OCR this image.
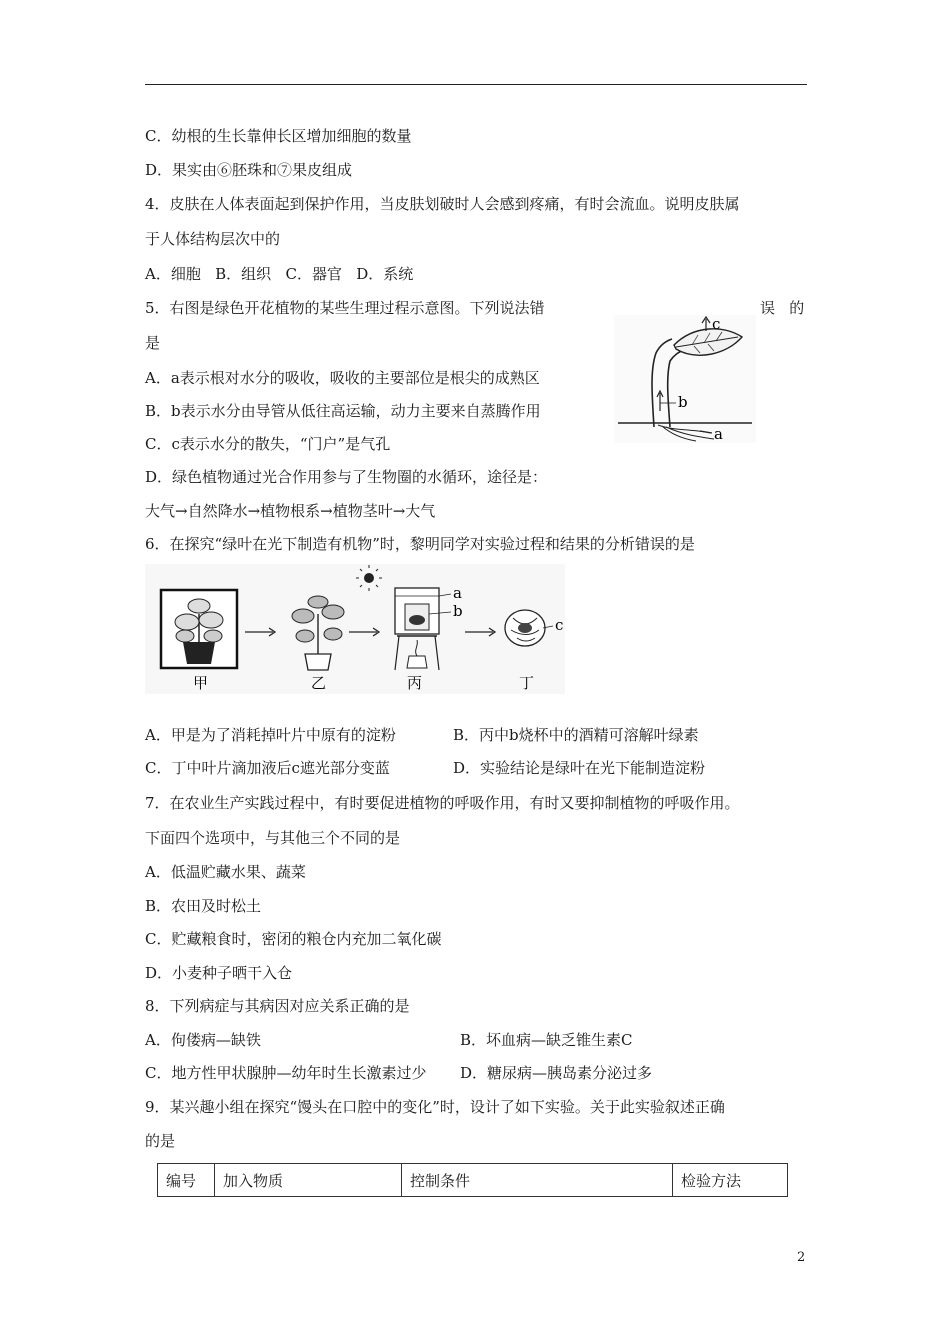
C．幼根的生长靠伸长区增加细胞的数量
D．果实由⑥胚珠和⑦果皮组成
4．皮肤在人体表面起到保护作用，当皮肤划破时人会感到疼痛，有时会流血。说明皮肤属
于人体结构层次中的
A．细胞   B．组织   C．器官   D．系统
5．右图是绿色开花植物的某些生理过程示意图。下列说法错	误   的
是
A．a表示根对水分的吸收，吸收的主要部位是根尖的成熟区
B．b表示水分由导管从低往高运输，动力主要来自蒸腾作用
C．c表示水分的散失，“门户”是气孔
D．绿色植物通过光合作用参与了生物圈的水循环，途径是：
大气→自然降水→植物根系→植物茎叶→大气
c
b
a
6．在探究“绿叶在光下制造有机物”时，黎明同学对实验过程和结果的分析错误的是
甲	乙
a
b
丙
c
丁
A．甲是为了消耗掉叶片中原有的淀粉	B．丙中b烧杯中的酒精可溶解叶绿素
C．丁中叶片滴加液后c遮光部分变蓝	D．实验结论是绿叶在光下能制造淀粉
7．在农业生产实践过程中，有时要促进植物的呼吸作用，有时又要抑制植物的呼吸作用。
下面四个选项中，与其他三个不同的是
A．低温贮藏水果、蔬菜
B．农田及时松土
C．贮藏粮食时，密闭的粮仓内充加二氧化碳
D．小麦种子晒干入仓
8．下列病症与其病因对应关系正确的是
A．佝偻病—缺铁	B．坏血病—缺乏锥生素C
C．地方性甲状腺肿—幼年时生长激素过少 D．糖尿病—胰岛素分泌过多
9．某兴趣小组在探究“馒头在口腔中的变化”时，设计了如下实验。关于此实验叙述正确
的是
编号	加入物质	控制条件	检验方法
2
